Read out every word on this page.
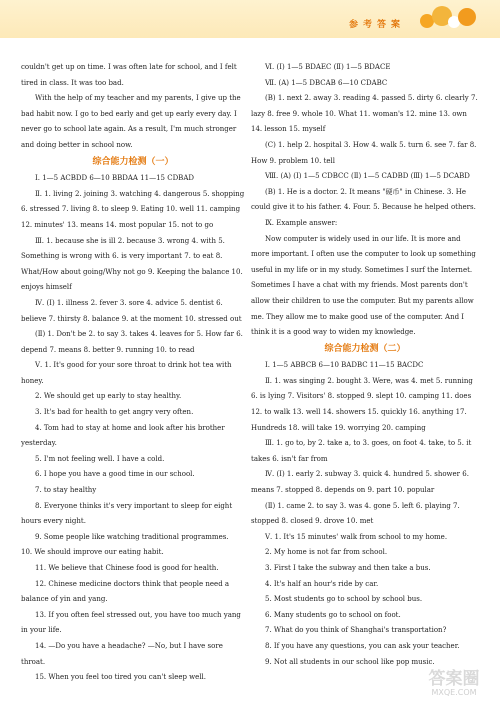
参考答案

couldn't get up on time. I was often late for school, and I felt tired in class. It was too bad.

With the help of my teacher and my parents, I give up the bad habit now. I go to bed early and get up early every day. I never go to school late again. As a result, I'm much stronger and doing better in school now.

综合能力检测（一）

Ⅰ. 1—5 ACBDD 6—10 BBDAA 11—15 CDBAD

Ⅱ. 1. living 2. joining 3. watching 4. dangerous 5. shopping 6. stressed 7. living 8. to sleep 9. Eating 10. well 11. camping 12. minutes' 13. means 14. most popular 15. not to go

Ⅲ. 1. because she is ill 2. because 3. wrong 4. with 5. Something is wrong with 6. is very important 7. to eat 8. What/How about going/Why not go 9. Keeping the balance 10. enjoys himself

Ⅳ. (Ⅰ) 1. illness 2. fever 3. sore 4. advice 5. dentist 6. believe 7. thirsty 8. balance 9. at the moment 10. stressed out

(Ⅱ) 1. Don't be 2. to say 3. takes 4. leaves for 5. How far 6. depend 7. means 8. better 9. running 10. to read

Ⅴ. 1. It's good for your sore throat to drink hot tea with honey.

2. We should get up early to stay healthy.

3. It's bad for health to get angry very often.

4. Tom had to stay at home and look after his brother yesterday.

5. I'm not feeling well. I have a cold.

6. I hope you have a good time in our school.

7. to stay healthy

8. Everyone thinks it's very important to sleep for eight hours every night.

9. Some people like watching traditional programmes.

10. We should improve our eating habit.

11. We believe that Chinese food is good for health.

12. Chinese medicine doctors think that people need a balance of yin and yang.

13. If you often feel stressed out, you have too much yang in your life.

14. —Do you have a headache? —No, but I have sore throat.

15. When you feel too tired you can't sleep well.

Ⅵ. (Ⅰ) 1—5 BDAEC (Ⅱ) 1—5 BDACE

Ⅶ. (A) 1—5 DBCAB 6—10 CDABC

(B) 1. next 2. away 3. reading 4. passed 5. dirty 6. clearly 7. lazy 8. free 9. whole 10. What 11. woman's 12. mine 13. own 14. lesson 15. myself

(C) 1. help 2. hospital 3. How 4. walk 5. turn 6. see 7. far 8. How 9. problem 10. tell

Ⅷ. (A) (Ⅰ) 1—5 CDBCC (Ⅱ) 1—5 CADBD (Ⅲ) 1—5 DCABD

(B) 1. He is a doctor. 2. It means "硬币" in Chinese. 3. He could give it to his father. 4. Four. 5. Because he helped others.

Ⅸ. Example answer:

Now computer is widely used in our life. It is more and more important. I often use the computer to look up something useful in my life or in my study. Sometimes I surf the Internet. Sometimes I have a chat with my friends. Most parents don't allow their children to use the computer. But my parents allow me. They allow me to make good use of the computer. And I think it is a good way to widen my knowledge.

综合能力检测（二）

Ⅰ. 1—5 ABBCB 6—10 BADBC 11—15 BACDC

Ⅱ. 1. was singing 2. bought 3. Were, was 4. met 5. running 6. is lying 7. Visitors' 8. stopped 9. slept 10. camping 11. does 12. to walk 13. well 14. showers 15. quickly 16. anything 17. Hundreds 18. will take 19. worrying 20. camping

Ⅲ. 1. go to, by 2. take a, to 3. goes, on foot 4. take, to 5. it takes 6. isn't far from

Ⅳ. (Ⅰ) 1. early 2. subway 3. quick 4. hundred 5. shower 6. means 7. stopped 8. depends on 9. part 10. popular

(Ⅱ) 1. came 2. to say 3. was 4. gone 5. left 6. playing 7. stopped 8. closed 9. drove 10. met

Ⅴ. 1. It's 15 minutes' walk from school to my home.

2. My home is not far from school.

3. First I take the subway and then take a bus.

4. It's half an hour's ride by car.

5. Most students go to school by school bus.

6. Many students go to school on foot.

7. What do you think of Shanghai's transportation?

8. If you have any questions, you can ask your teacher.

9. Not all students in our school like pop music.

答案圈
MXQE.COM
